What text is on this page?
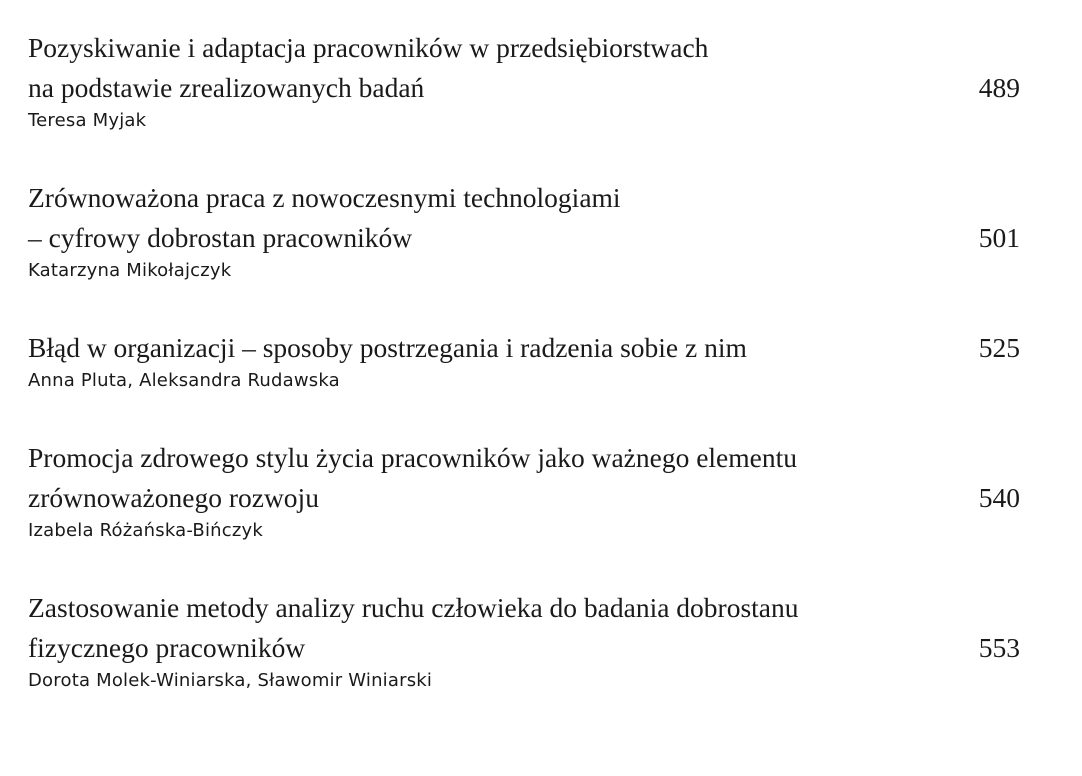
Pozyskiwanie i adaptacja pracowników w przedsiębiorstwach
na podstawie zrealizowanych badań	489
Teresa Myjak
Zrównoważona praca z nowoczesnymi technologiami
– cyfrowy dobrostan pracowników	501
Katarzyna Mikołajczyk
Błąd w organizacji – sposoby postrzegania i radzenia sobie z nim	525
Anna Pluta, Aleksandra Rudawska
Promocja zdrowego stylu życia pracowników jako ważnego elementu
zrównoważonego rozwoju	540
Izabela Różańska-Bińczyk
Zastosowanie metody analizy ruchu człowieka do badania dobrostanu
fizycznego pracowników	553
Dorota Molek-Winiarska, Sławomir Winiarski
